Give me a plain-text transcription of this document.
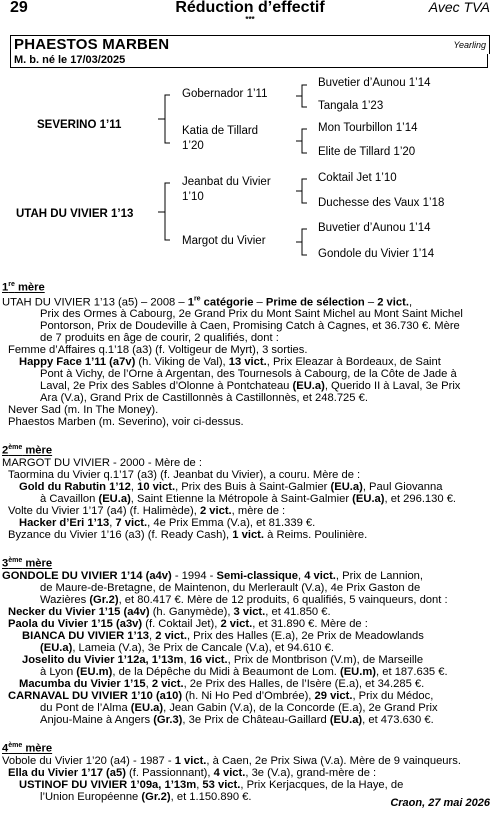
29	Réduction d’effectif
***
Avec TVA
PHAESTOS MARBEN	Yearling
M. b. né le 17/03/2025
SEVERINO 1’11
UTAH DU VIVIER 1’13
Gobernador 1’11
Katia de Tillard
1’20
Jeanbat du Vivier
1’10
Margot du Vivier
Buvetier d’Aunou 1’14
Tangala 1’23
Mon Tourbillon 1’14
Elite de Tillard 1’20
Coktail Jet 1’10
Duchesse des Vaux 1’18
Buvetier d’Aunou 1’14
Gondole du Vivier 1’14

1re mère

UTAH DU VIVIER 1’13 (a5) – 2008 – 1re catégorie – Prime de sélection – 2 vict.,

Prix des Ormes à Cabourg, 2e Grand Prix du Mont Saint Michel au Mont Saint Michel

Pontorson, Prix de Doudeville à Caen, Promising Catch à Cagnes, et 36.730 €. Mère

de 7 produits en âge de courir, 2 qualifiés, dont :

Femme d’Affaires q.1’18 (a3) (f. Voltigeur de Myrt), 3 sorties.

Happy Face 1’11 (a7v) (h. Viking de Val), 13 vict., Prix Eleazar à Bordeaux, de Saint

Pont à Vichy, de l’Orne à Argentan, des Tournesols à Cabourg, de la Côte de Jade à

Laval, 2e Prix des Sables d’Olonne à Pontchateau (EU.a), Querido II à Laval, 3e Prix

Ara (V.a), Grand Prix de Castillonnès à Castillonnès, et 248.725 €.

Never Sad (m. In The Money).

Phaestos Marben (m. Severino), voir ci-dessus.

2ème mère

MARGOT DU VIVIER - 2000 - Mère de :

Taormina du Vivier q.1’17 (a3) (f. Jeanbat du Vivier), a couru. Mère de :

Gold du Rabutin 1’12, 10 vict., Prix des Buis à Saint-Galmier (EU.a), Paul Giovanna

à Cavaillon (EU.a), Saint Etienne la Métropole à Saint-Galmier (EU.a), et 296.130 €.

Volte du Vivier 1’17 (a4) (f. Halimède), 2 vict., mère de :

Hacker d’Eri 1’13, 7 vict., 4e Prix Emma (V.a), et 81.339 €.

Byzance du Vivier 1’16 (a3) (f. Ready Cash), 1 vict. à Reims. Poulinière.

3ème mère

GONDOLE DU VIVIER 1’14 (a4v) - 1994 - Semi-classique, 4 vict., Prix de Lannion,

de Maure-de-Bretagne, de Maintenon, du Merlerault (V.a), 4e Prix Gaston de

Wazières (Gr.2), et 80.417 €. Mère de 12 produits, 6 qualifiés, 5 vainqueurs, dont :

Necker du Vivier 1’15 (a4v) (h. Ganymède), 3 vict., et 41.850 €.

Paola du Vivier 1’15 (a3v) (f. Coktail Jet), 2 vict., et 31.890 €. Mère de :

BIANCA DU VIVIER 1’13, 2 vict., Prix des Halles (E.a), 2e Prix de Meadowlands

(EU.a), Lameia (V.a), 3e Prix de Cancale (V.a), et 94.610 €.

Joselito du Vivier 1’12a, 1’13m, 16 vict., Prix de Montbrison (V.m), de Marseille

à Lyon (EU.m), de la Dépêche du Midi à Beaumont de Lom. (EU.m), et 187.635 €.

Macumba du Vivier 1’15, 2 vict., 2e Prix des Halles, de l’Isère (E.a), et 34.285 €.

CARNAVAL DU VIVIER 1’10 (a10) (h. Ni Ho Ped d’Ombrée), 29 vict., Prix du Médoc,

du Pont de l’Alma (EU.a), Jean Gabin (V.a), de la Concorde (E.a), 2e Grand Prix

Anjou-Maine à Angers (Gr.3), 3e Prix de Château-Gaillard (EU.a), et 473.630 €.

4ème mère

Vobole du Vivier 1’20 (a4) - 1987 - 1 vict., à Caen, 2e Prix Siwa (V.a). Mère de 9 vainqueurs.

Ella du Vivier 1’17 (a5) (f. Passionnant), 4 vict., 3e (V.a), grand-mère de :

USTINOF DU VIVIER 1’09a, 1’13m, 53 vict., Prix Kerjacques, de la Haye, de

l’Union Européenne (Gr.2), et 1.150.890 €.

Craon, 27 mai 2026
